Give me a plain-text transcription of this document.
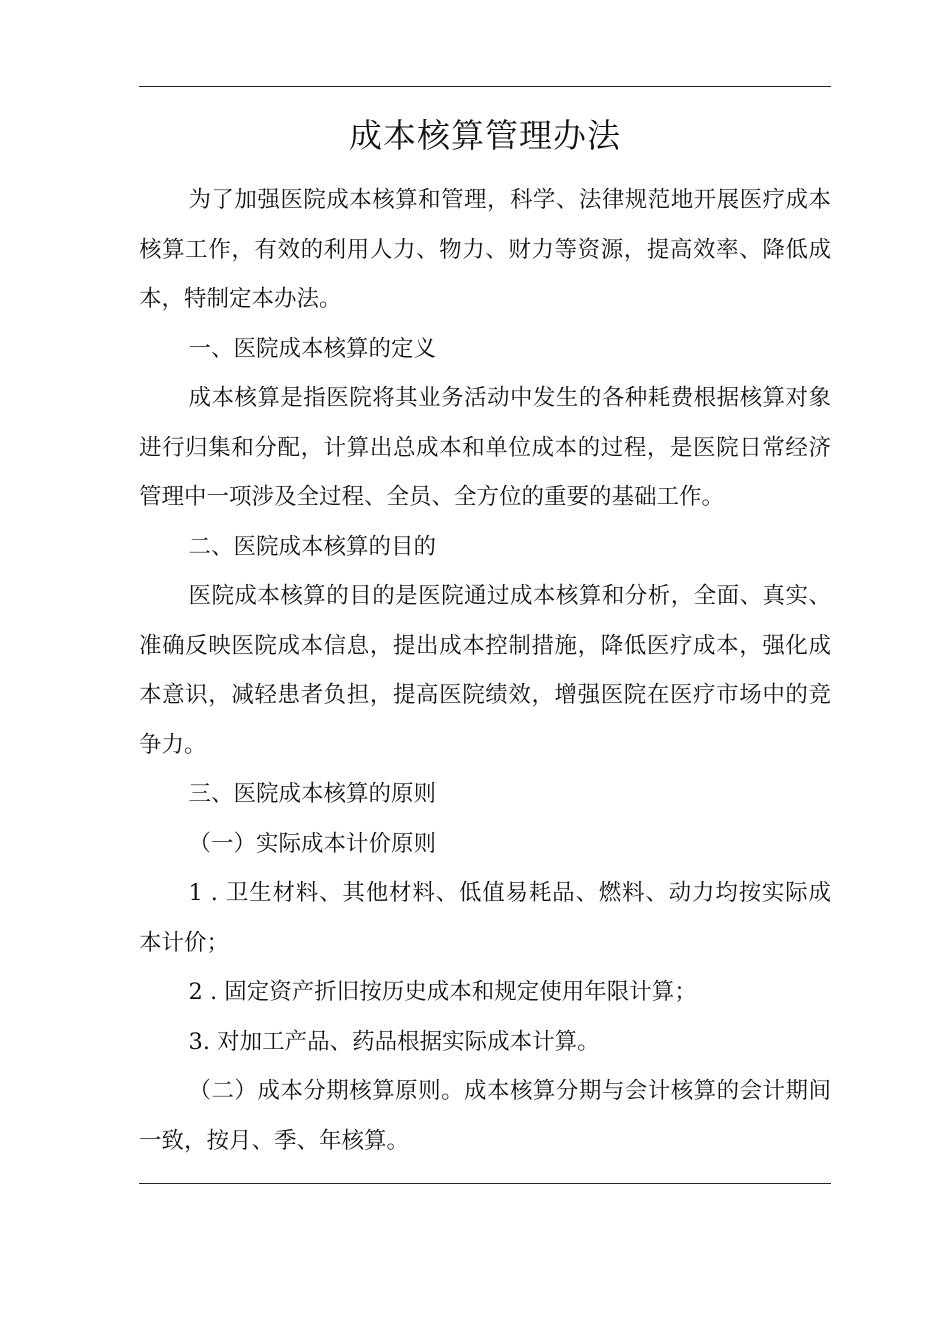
成本核算管理办法

为了加强医院成本核算和管理，科学、法律规范地开展医疗成本核算工作，有效的利用人力、物力、财力等资源，提高效率、降低成本，特制定本办法。

一、医院成本核算的定义

成本核算是指医院将其业务活动中发生的各种耗费根据核算对象进行归集和分配，计算出总成本和单位成本的过程，是医院日常经济管理中一项涉及全过程、全员、全方位的重要的基础工作。

二、医院成本核算的目的

医院成本核算的目的是医院通过成本核算和分析，全面、真实、准确反映医院成本信息，提出成本控制措施，降低医疗成本，强化成本意识，减轻患者负担，提高医院绩效，增强医院在医疗市场中的竞争力。

三、医院成本核算的原则

（一）实际成本计价原则

1 . 卫生材料、其他材料、低值易耗品、燃料、动力均按实际成本计价；

2 . 固定资产折旧按历史成本和规定使用年限计算；

3. 对加工产品、药品根据实际成本计算。

（二）成本分期核算原则。成本核算分期与会计核算的会计期间一致，按月、季、年核算。
